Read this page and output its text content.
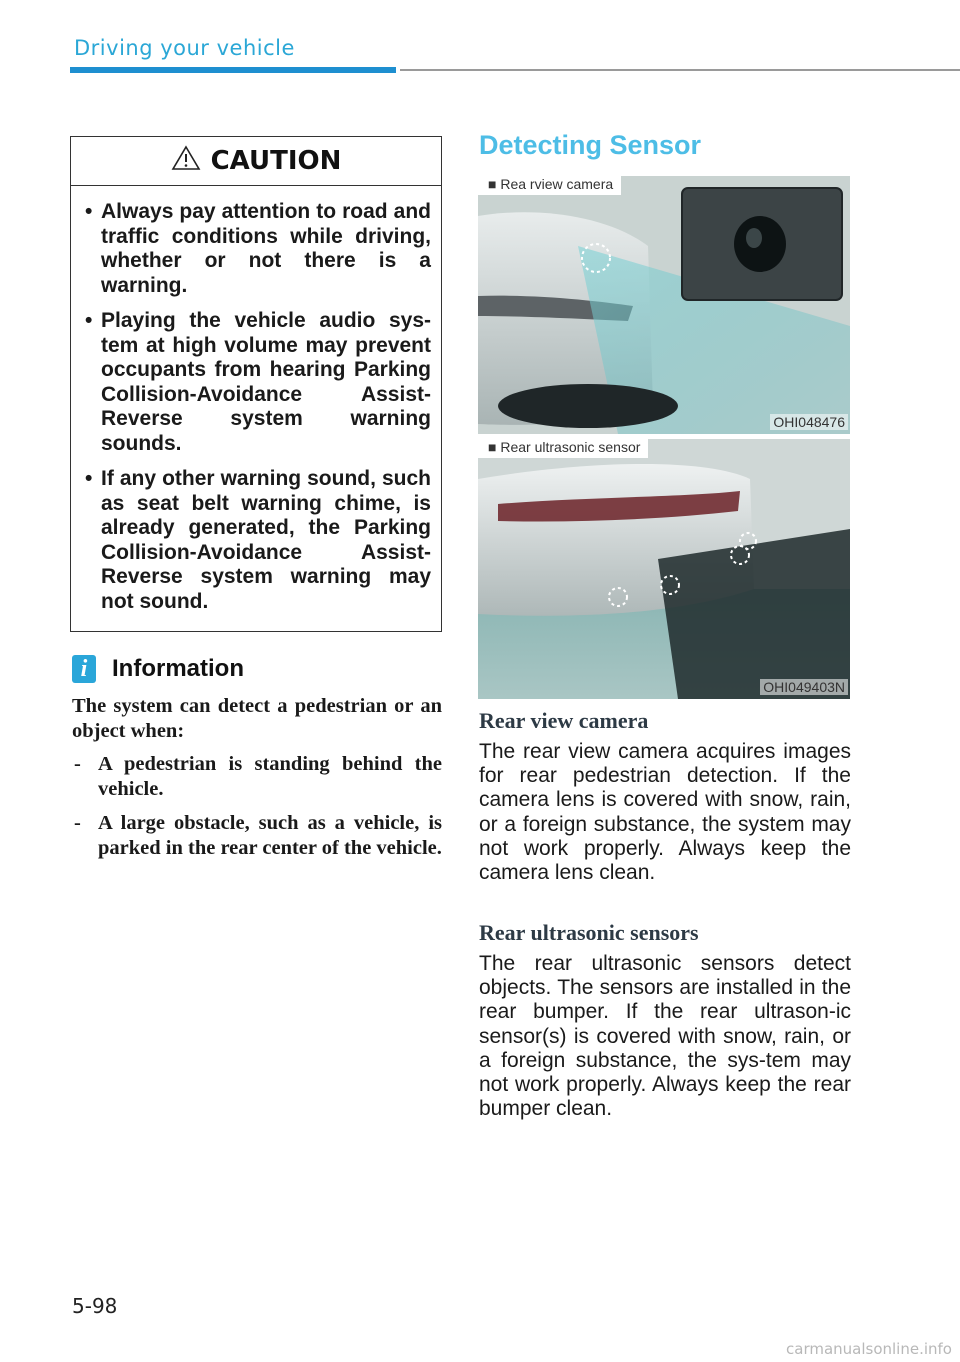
Driving your vehicle
CAUTION
• Always pay attention to road and traffic conditions while driving, whether or not there is a warning.
• Playing the vehicle audio sys-tem at high volume may prevent occupants from hearing Parking Collision-Avoidance Assist-Reverse system warning sounds.
• If any other warning sound, such as seat belt warning chime, is already generated, the Parking Collision-Avoidance Assist-Reverse system warning may not sound.
i	Information

The system can detect a pedestrian or an object when:

- A pedestrian is standing behind the vehicle.
- A large obstacle, such as a vehicle, is parked in the rear center of the vehicle.
Detecting Sensor
■ Rea rview camera
OHI048476
■ Rear ultrasonic sensor
OHI049403N
Rear view camera
The rear view camera acquires images for rear pedestrian detection. If the camera lens is covered with snow, rain, or a foreign substance, the system may not work properly. Always keep the camera lens clean.
Rear ultrasonic sensors
The rear ultrasonic sensors detect objects. The sensors are installed in the rear bumper. If the rear ultrason-ic sensor(s) is covered with snow, rain, or a foreign substance, the sys-tem may not work properly. Always keep the rear bumper clean.
5-98
carmanualsonline.info
